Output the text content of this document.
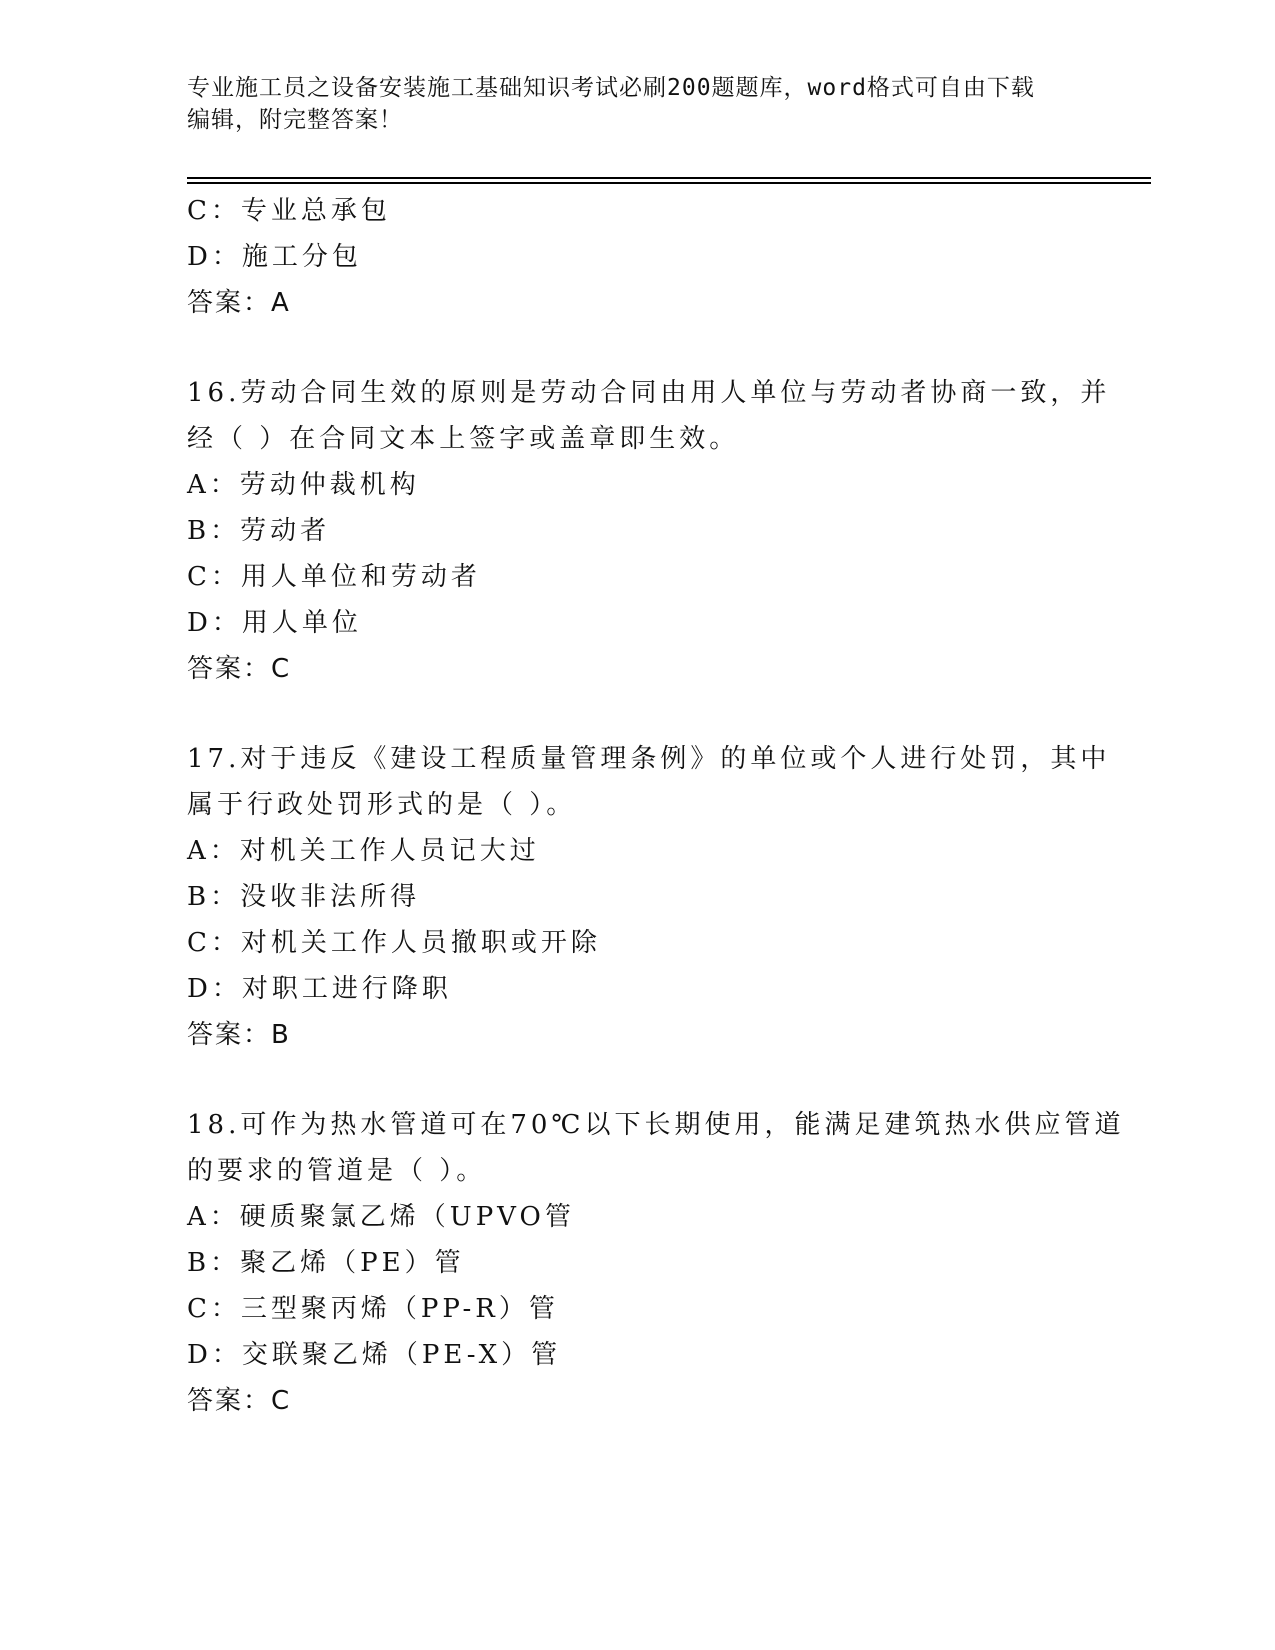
专业施工员之设备安装施工基础知识考试必刷200题题库，word格式可自由下载
编辑，附完整答案！
C：专业总承包
D：施工分包
答案：A
16.劳动合同生效的原则是劳动合同由用人单位与劳动者协商一致，并
经（ ）在合同文本上签字或盖章即生效。
A：劳动仲裁机构
B：劳动者
C：用人单位和劳动者
D：用人单位
答案：C
17.对于违反《建设工程质量管理条例》的单位或个人进行处罚，其中
属于行政处罚形式的是（ ）。
A：对机关工作人员记大过
B：没收非法所得
C：对机关工作人员撤职或开除
D：对职工进行降职
答案：B
18.可作为热水管道可在70℃以下长期使用，能满足建筑热水供应管道
的要求的管道是（ ）。
A：硬质聚氯乙烯（UPVO管
B：聚乙烯（PE）管
C：三型聚丙烯（PP-R）管
D：交联聚乙烯（PE-X）管
答案：C
